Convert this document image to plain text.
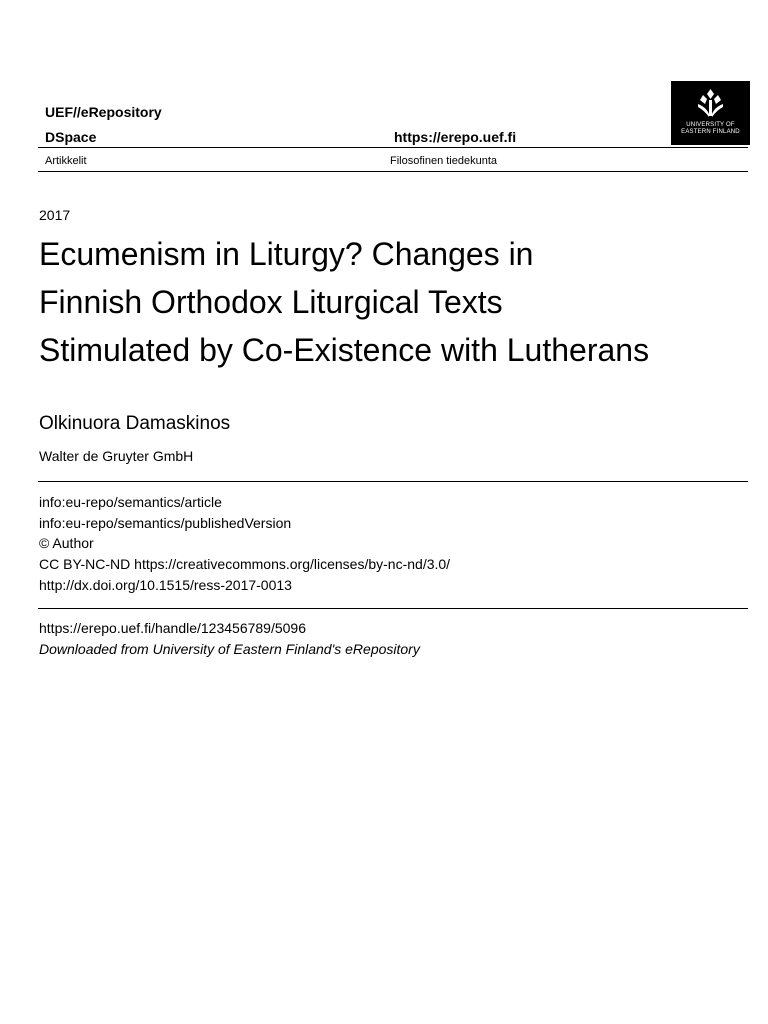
UEF//eRepository
DSpace	https://erepo.uef.fi
UNIVERSITY OF
EASTERN FINLAND
Artikkelit	Filosofinen tiedekunta
2017
Ecumenism in Liturgy? Changes in
Finnish Orthodox Liturgical Texts
Stimulated by Co-Existence with Lutherans
Olkinuora Damaskinos
Walter de Gruyter GmbH
info:eu-repo/semantics/article
info:eu-repo/semantics/publishedVersion
© Author
CC BY-NC-ND https://creativecommons.org/licenses/by-nc-nd/3.0/
http://dx.doi.org/10.1515/ress-2017-0013
https://erepo.uef.fi/handle/123456789/5096
Downloaded from University of Eastern Finland's eRepository
